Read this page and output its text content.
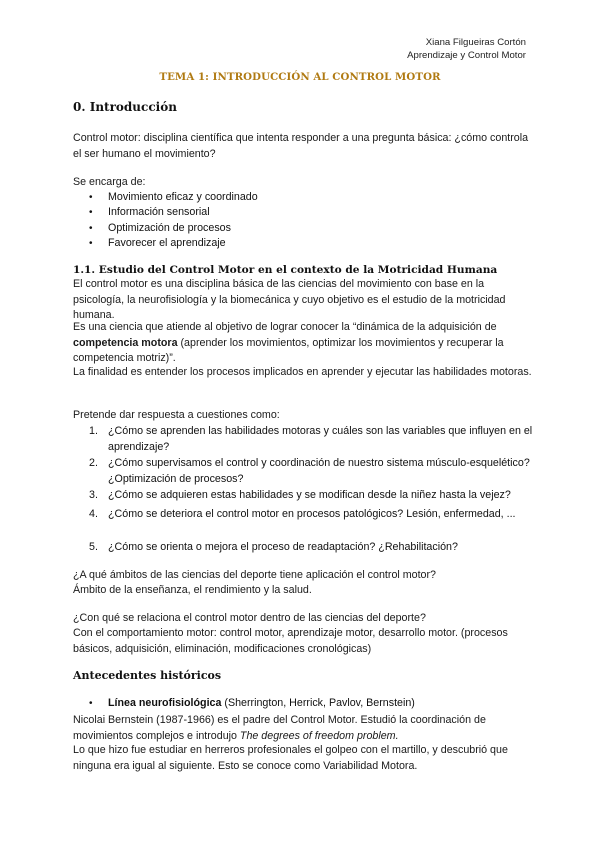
Xiana Filgueiras Cortón
Aprendizaje y Control Motor
TEMA 1: INTRODUCCIÓN AL CONTROL MOTOR
0. Introducción
Control motor: disciplina científica que intenta responder a una pregunta básica: ¿cómo controla el ser humano el movimiento?
Se encarga de:
• Movimiento eficaz y coordinado
• Información sensorial
• Optimización de procesos
• Favorecer el aprendizaje
1.1. Estudio del Control Motor en el contexto de la Motricidad Humana
El control motor es una disciplina básica de las ciencias del movimiento con base en la psicología, la neurofisiología y la biomecánica y cuyo objetivo es el estudio de la motricidad humana.
Es una ciencia que atiende al objetivo de lograr conocer la “dinámica de la adquisición de competencia motora (aprender los movimientos, optimizar los movimientos y recuperar la competencia motriz)”.
La finalidad es entender los procesos implicados en aprender y ejecutar las habilidades motoras.
Pretende dar respuesta a cuestiones como:
1. ¿Cómo se aprenden las habilidades motoras y cuáles son las variables que influyen en el aprendizaje?
2. ¿Cómo supervisamos el control y coordinación de nuestro sistema músculo-esquelético? ¿Optimización de procesos?
3. ¿Cómo se adquieren estas habilidades y se modifican desde la niñez hasta la vejez?
4. ¿Cómo se deteriora el control motor en procesos patológicos? Lesión, enfermedad, ...
5. ¿Cómo se orienta o mejora el proceso de readaptación? ¿Rehabilitación?
¿A qué ámbitos de las ciencias del deporte tiene aplicación el control motor?
Ámbito de la enseñanza, el rendimiento y la salud.
¿Con qué se relaciona el control motor dentro de las ciencias del deporte?
Con el comportamiento motor: control motor, aprendizaje motor, desarrollo motor. (procesos básicos, adquisición, eliminación, modificaciones cronológicas)
Antecedentes históricos
• Línea neurofisiológica (Sherrington, Herrick, Pavlov, Bernstein)
Nicolai Bernstein (1987-1966) es el padre del Control Motor. Estudió la coordinación de movimientos complejos e introdujo The degrees of freedom problem.
Lo que hizo fue estudiar en herreros profesionales el golpeo con el martillo, y descubrió que ninguna era igual al siguiente. Esto se conoce como Variabilidad Motora.
